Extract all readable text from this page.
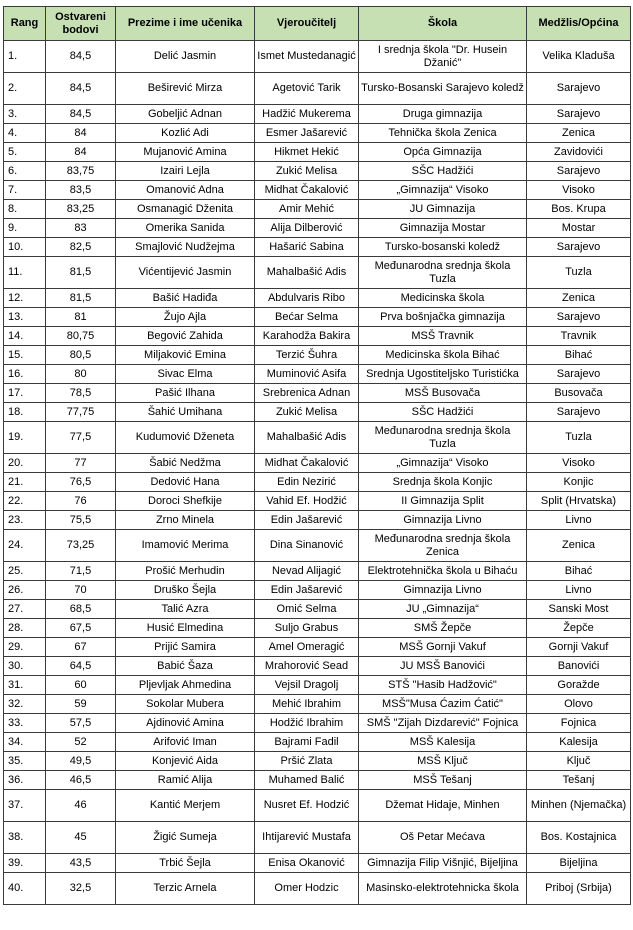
Rang	Ostvareni bodovi	Prezime i ime učenika	Vjeroučitelj	Škola	Medžlis/Općina
1.	84,5	Delić Jasmin	Ismet Mustedanagić	I srednja škola "Dr. Husein Džanić"	Velika Kladuša
2.	84,5	Beširević Mirza	Agetović Tarik	Tursko-Bosanski Sarajevo koledž	Sarajevo
3.	84,5	Gobeljić Adnan	Hadžić Mukerema	Druga gimnazija	Sarajevo
4.	84	Kozlić Adi	Esmer Jašarević	Tehnička škola Zenica	Zenica
5.	84	Mujanović Amina	Hikmet Hekić	Opća Gimnazija	Zavidovići
6.	83,75	Izairi Lejla	Zukić Melisa	SŠC Hadžići	Sarajevo
7.	83,5	Omanović Adna	Midhat Čakalović	„Gimnazija“ Visoko	Visoko
8.	83,25	Osmanagić Dženita	Amir Mehić	JU Gimnazija	Bos. Krupa
9.	83	Omerika Sanida	Alija Dilberović	Gimnazija Mostar	Mostar
10.	82,5	Smajlović Nudžejma	Hašarić Sabina	Tursko-bosanski koledž	Sarajevo
11.	81,5	Vićentijević Jasmin	Mahalbašić Adis	Međunarodna srednja škola Tuzla	Tuzla
12.	81,5	Bašić Hadiđa	Abdulvaris Ribo	Medicinska škola	Zenica
13.	81	Žujo Ajla	Bećar Selma	Prva bošnjačka gimnazija	Sarajevo
14.	80,75	Begović Zahida	Karahodža Bakira	MSŠ Travnik	Travnik
15.	80,5	Miljaković Emina	Terzić Šuhra	Medicinska škola Bihać	Bihać
16.	80	Sivac Elma	Muminović Asifa	Srednja Ugostiteljsko Turistićka	Sarajevo
17.	78,5	Pašić Ilhana	Srebrenica Adnan	MSŠ Busovača	Busovača
18.	77,75	Šahić Umihana	Zukić Melisa	SŠC Hadžići	Sarajevo
19.	77,5	Kudumović Dženeta	Mahalbašić Adis	Međunarodna srednja škola Tuzla	Tuzla
20.	77	Šabić Nedžma	Midhat Čakalović	„Gimnazija“ Visoko	Visoko
21.	76,5	Dedović Hana	Edin Nezirić	Srednja škola Konjic	Konjic
22.	76	Doroci Shefkije	Vahid Ef. Hodžić	II Gimnazija Split	Split (Hrvatska)
23.	75,5	Zrno Minela	Edin Jašarević	Gimnazija Livno	Livno
24.	73,25	Imamović Merima	Dina Sinanović	Međunarodna srednja škola Zenica	Zenica
25.	71,5	Prošić Merhudin	Nevad Alijagić	Elektrotehnička škola u Bihaću	Bihać
26.	70	Druško Šejla	Edin Jašarević	Gimnazija Livno	Livno
27.	68,5	Talić Azra	Omić Selma	JU „Gimnazija“	Sanski Most
28.	67,5	Husić Elmedina	Suljo Grabus	SMŠ Žepče	Žepče
29.	67	Prijić Samira	Amel Omeragić	MSŠ Gornji Vakuf	Gornji Vakuf
30.	64,5	Babić Šaza	Mrahorović Sead	JU MSŠ Banovići	Banovići
31.	60	Pljevljak Ahmedina	Vejsil Dragolj	STŠ "Hasib Hadžović"	Goražde
32.	59	Sokolar Mubera	Mehić Ibrahim	MSŠ"Musa Ćazim Ćatić"	Olovo
33.	57,5	Ajdinović Amina	Hodžić Ibrahim	SMŠ "Zijah Dizdarević" Fojnica	Fojnica
34.	52	Arifović Iman	Bajrami Fadil	MSŠ Kalesija	Kalesija
35.	49,5	Konjević Aida	Pršić Zlata	MSŠ Ključ	Ključ
36.	46,5	Ramić Alija	Muhamed Balić	MSŠ Tešanj	Tešanj
37.	46	Kantić Merjem	Nusret Ef. Hodzić	Džemat Hidaje, Minhen	Minhen (Njemačka)
38.	45	Žigić Sumeja	Ihtijarević Mustafa	Oš Petar Mećava	Bos. Kostajnica
39.	43,5	Trbić Šejla	Enisa Okanović	Gimnazija Filip Višnjić, Bijeljina	Bijeljina
40.	32,5	Terzic Arnela	Omer Hodzic	Masinsko-elektrotehnicka škola	Priboj (Srbija)
